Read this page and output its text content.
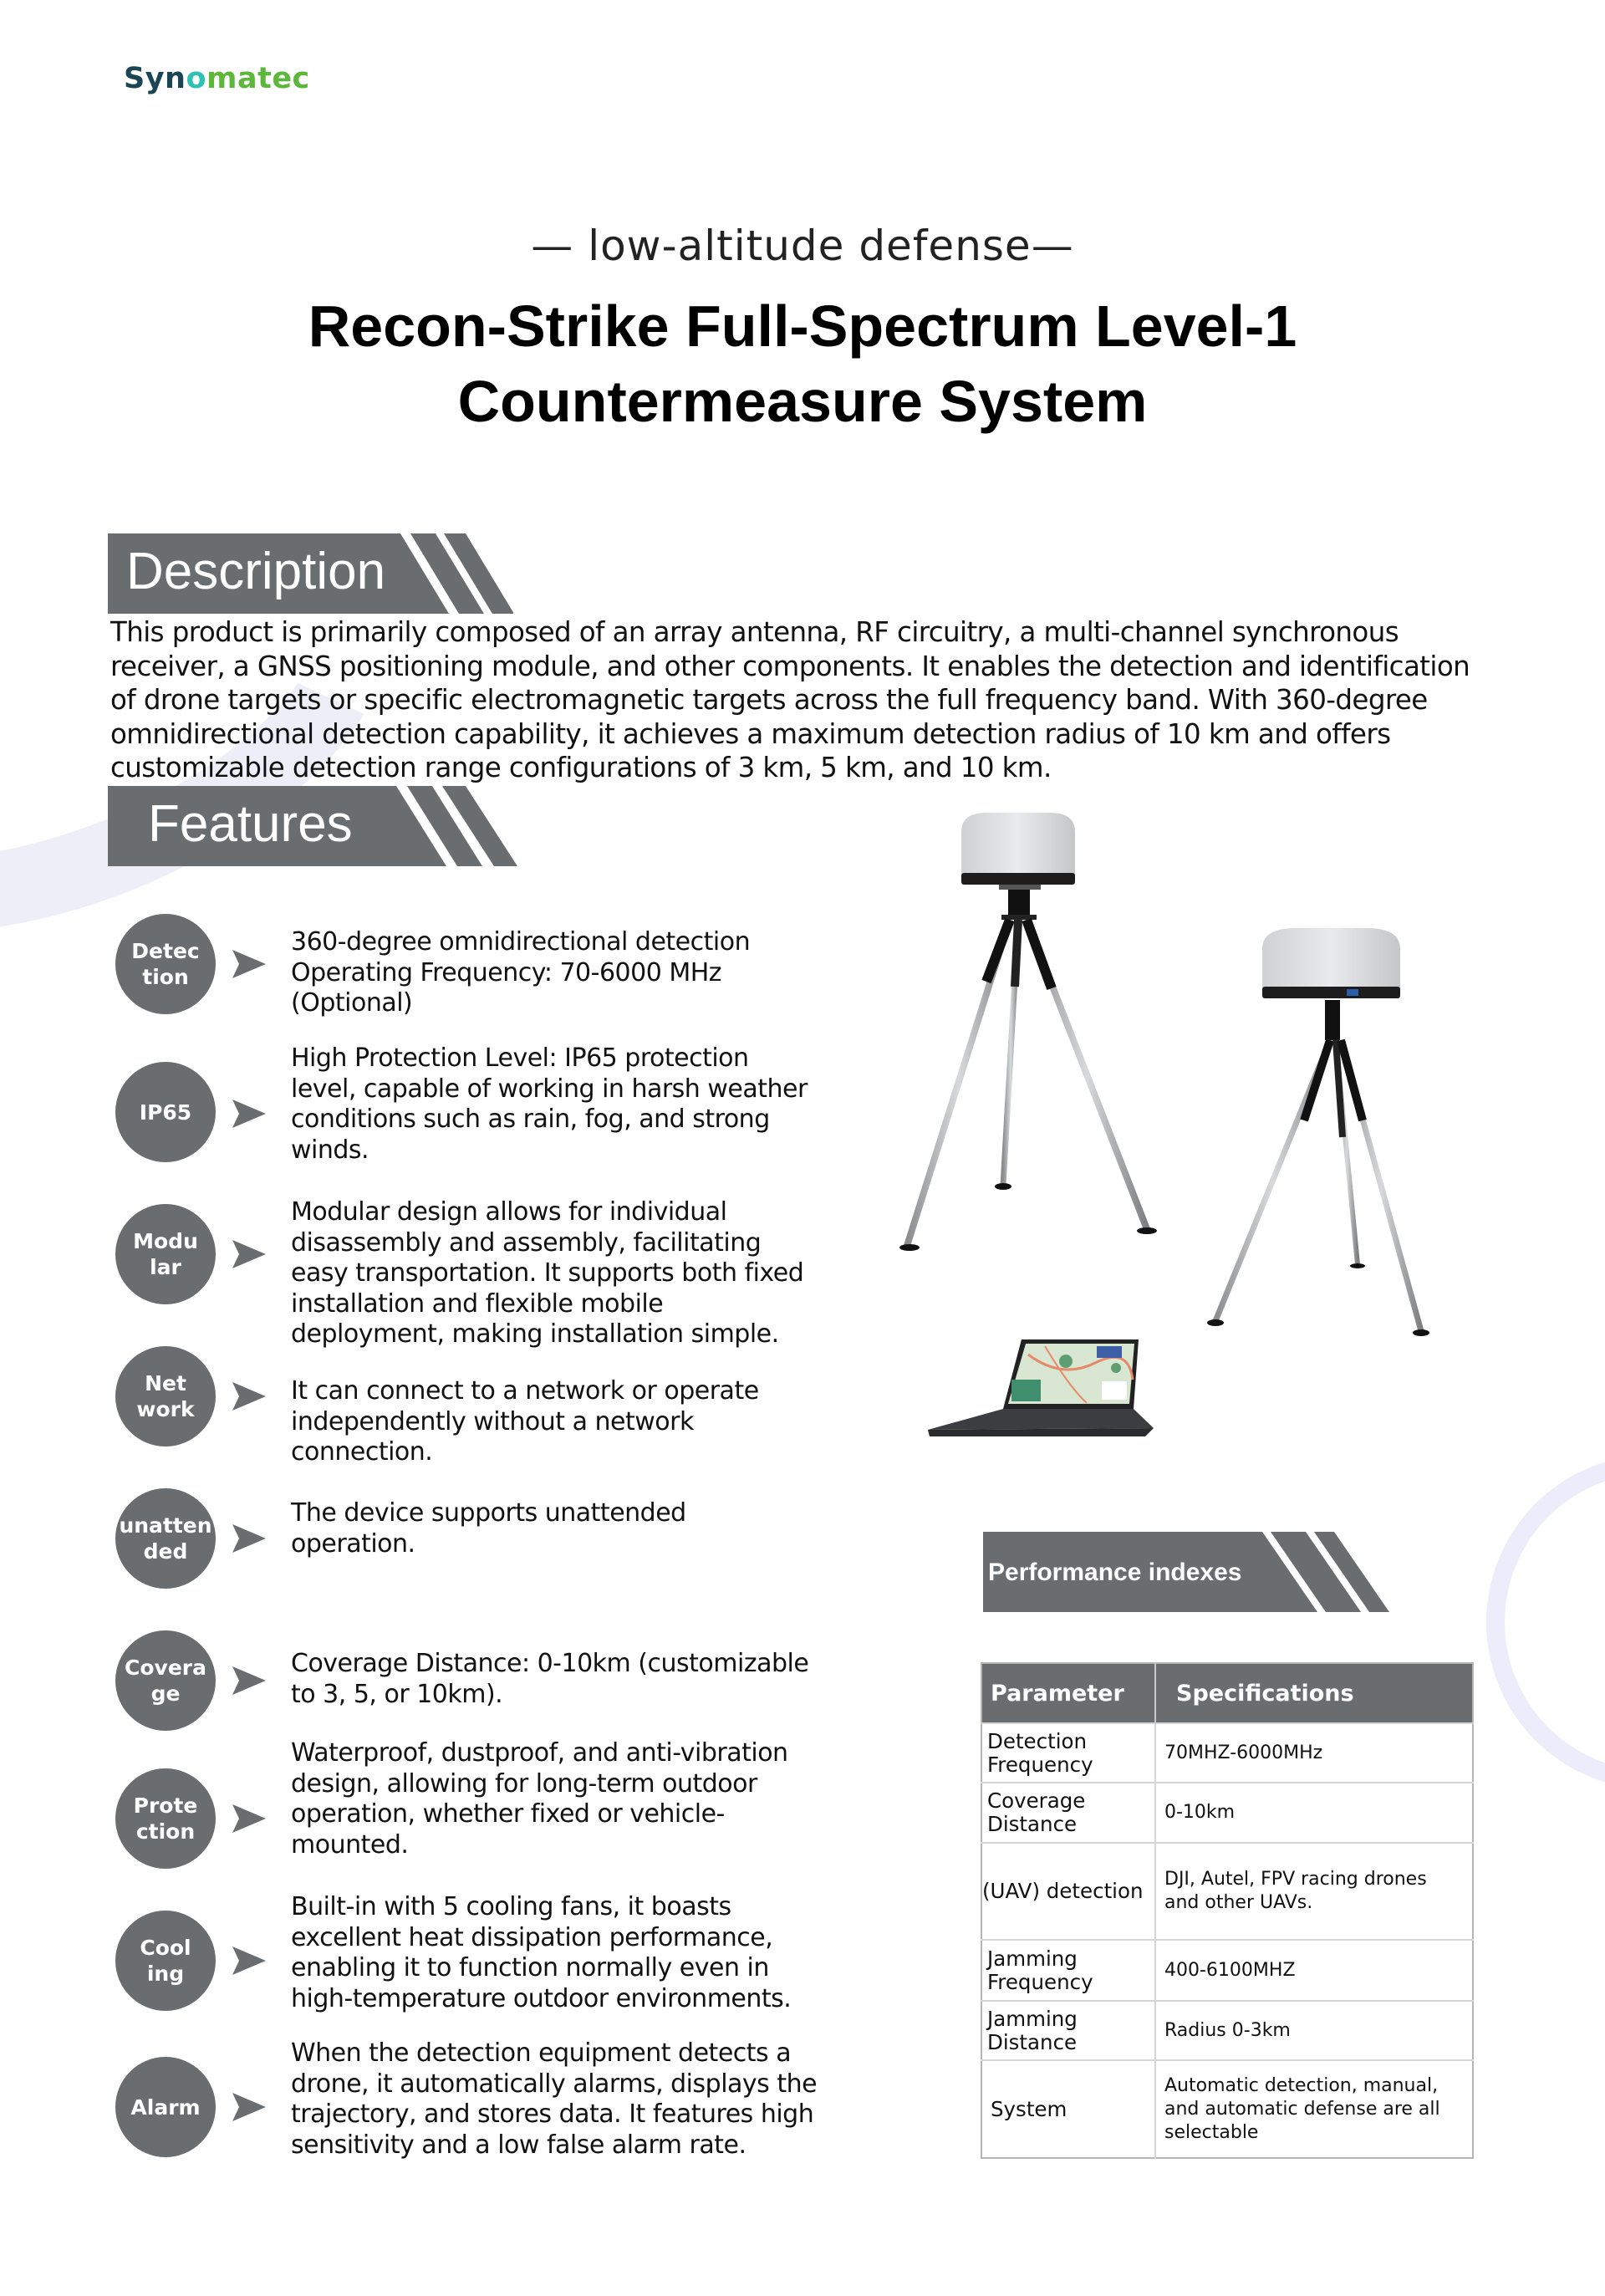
Synomatec
— low-altitude defense—
Recon-Strike Full-Spectrum Level-1
Countermeasure System
Description
This product is primarily composed of an array antenna, RF circuitry, a multi-channel synchronous receiver, a GNSS positioning module, and other components. It enables the detection and identification of drone targets or specific electromagnetic targets across the full frequency band. With 360-degree omnidirectional detection capability, it achieves a maximum detection radius of 10 km and offers customizable detection range configurations of 3 km, 5 km, and 10 km.
Features
Detec
tion
360-degree omnidirectional detection
Operating Frequency: 70-6000 MHz
(Optional)
IP65
High Protection Level: IP65 protection
level, capable of working in harsh weather
conditions such as rain, fog, and strong
winds.
Modu
lar
Modular design allows for individual
disassembly and assembly, facilitating
easy transportation. It supports both fixed
installation and flexible mobile
deployment, making installation simple.
Net
work
It can connect to a network or operate
independently without a network
connection.
unatten
ded
The device supports unattended
operation.
Covera
ge
Coverage Distance: 0-10km (customizable
to 3, 5, or 10km).
Prote
ction
Waterproof, dustproof, and anti-vibration
design, allowing for long-term outdoor
operation, whether fixed or vehicle-
mounted.
Cool
ing
Built-in with 5 cooling fans, it boasts
excellent heat dissipation performance,
enabling it to function normally even in
high-temperature outdoor environments.
Alarm
When the detection equipment detects a
drone, it automatically alarms, displays the
trajectory, and stores data. It features high
sensitivity and a low false alarm rate.
Performance indexes
Parameter	Specifications
Detection Frequency	70MHZ-6000MHz
Coverage Distance	0-10km
(UAV) detection	DJI, Autel, FPV racing drones and other UAVs.
Jamming Frequency	400-6100MHZ
Jamming Distance	Radius 0-3km
System	Automatic detection, manual, and automatic defense are all selectable
